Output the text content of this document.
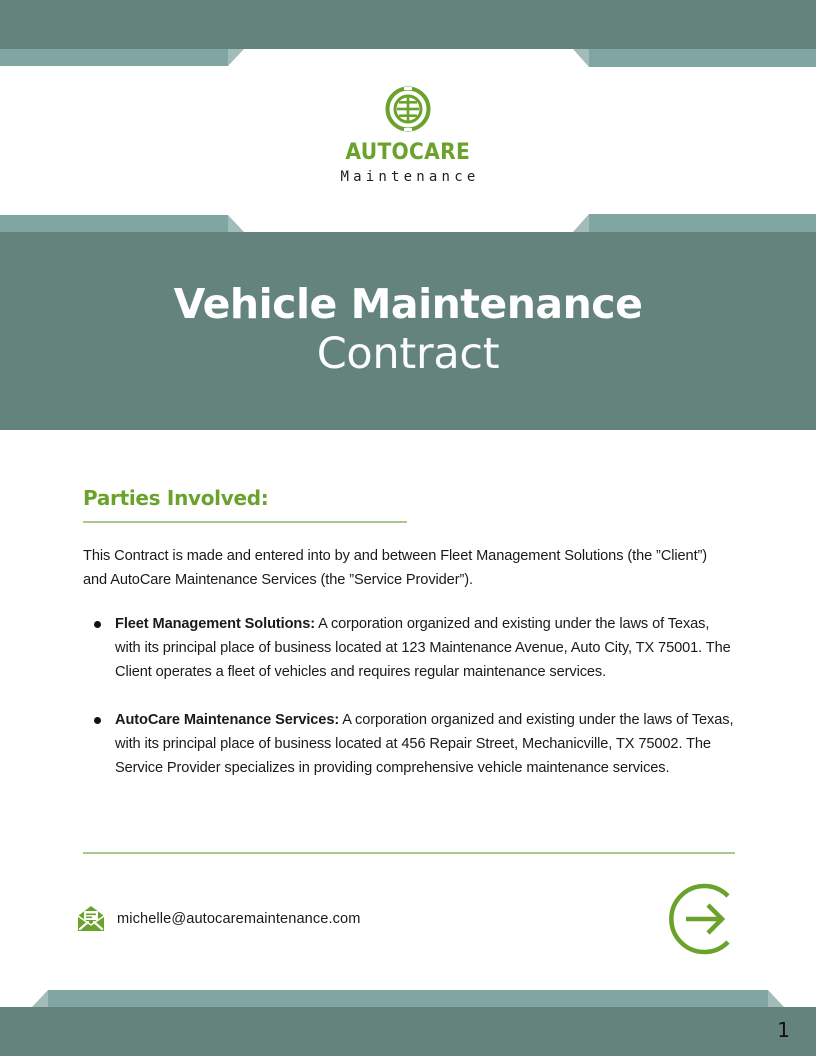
AUTOCARE
Maintenance
Vehicle Maintenance
Contract
Parties Involved:

This Contract is made and entered into by and between Fleet Management Solutions (the ”Client”) and AutoCare Maintenance Services (the ”Service Provider”).

Fleet Management Solutions: A corporation organized and existing under the laws of Texas, with its principal place of business located at 123 Maintenance Avenue, Auto City, TX 75001. The Client operates a fleet of vehicles and requires regular maintenance services.
AutoCare Maintenance Services: A corporation organized and existing under the laws of Texas, with its principal place of business located at 456 Repair Street, Mechanicville, TX 75002. The Service Provider specializes in providing comprehensive vehicle maintenance services.
michelle@autocaremaintenance.com
1
